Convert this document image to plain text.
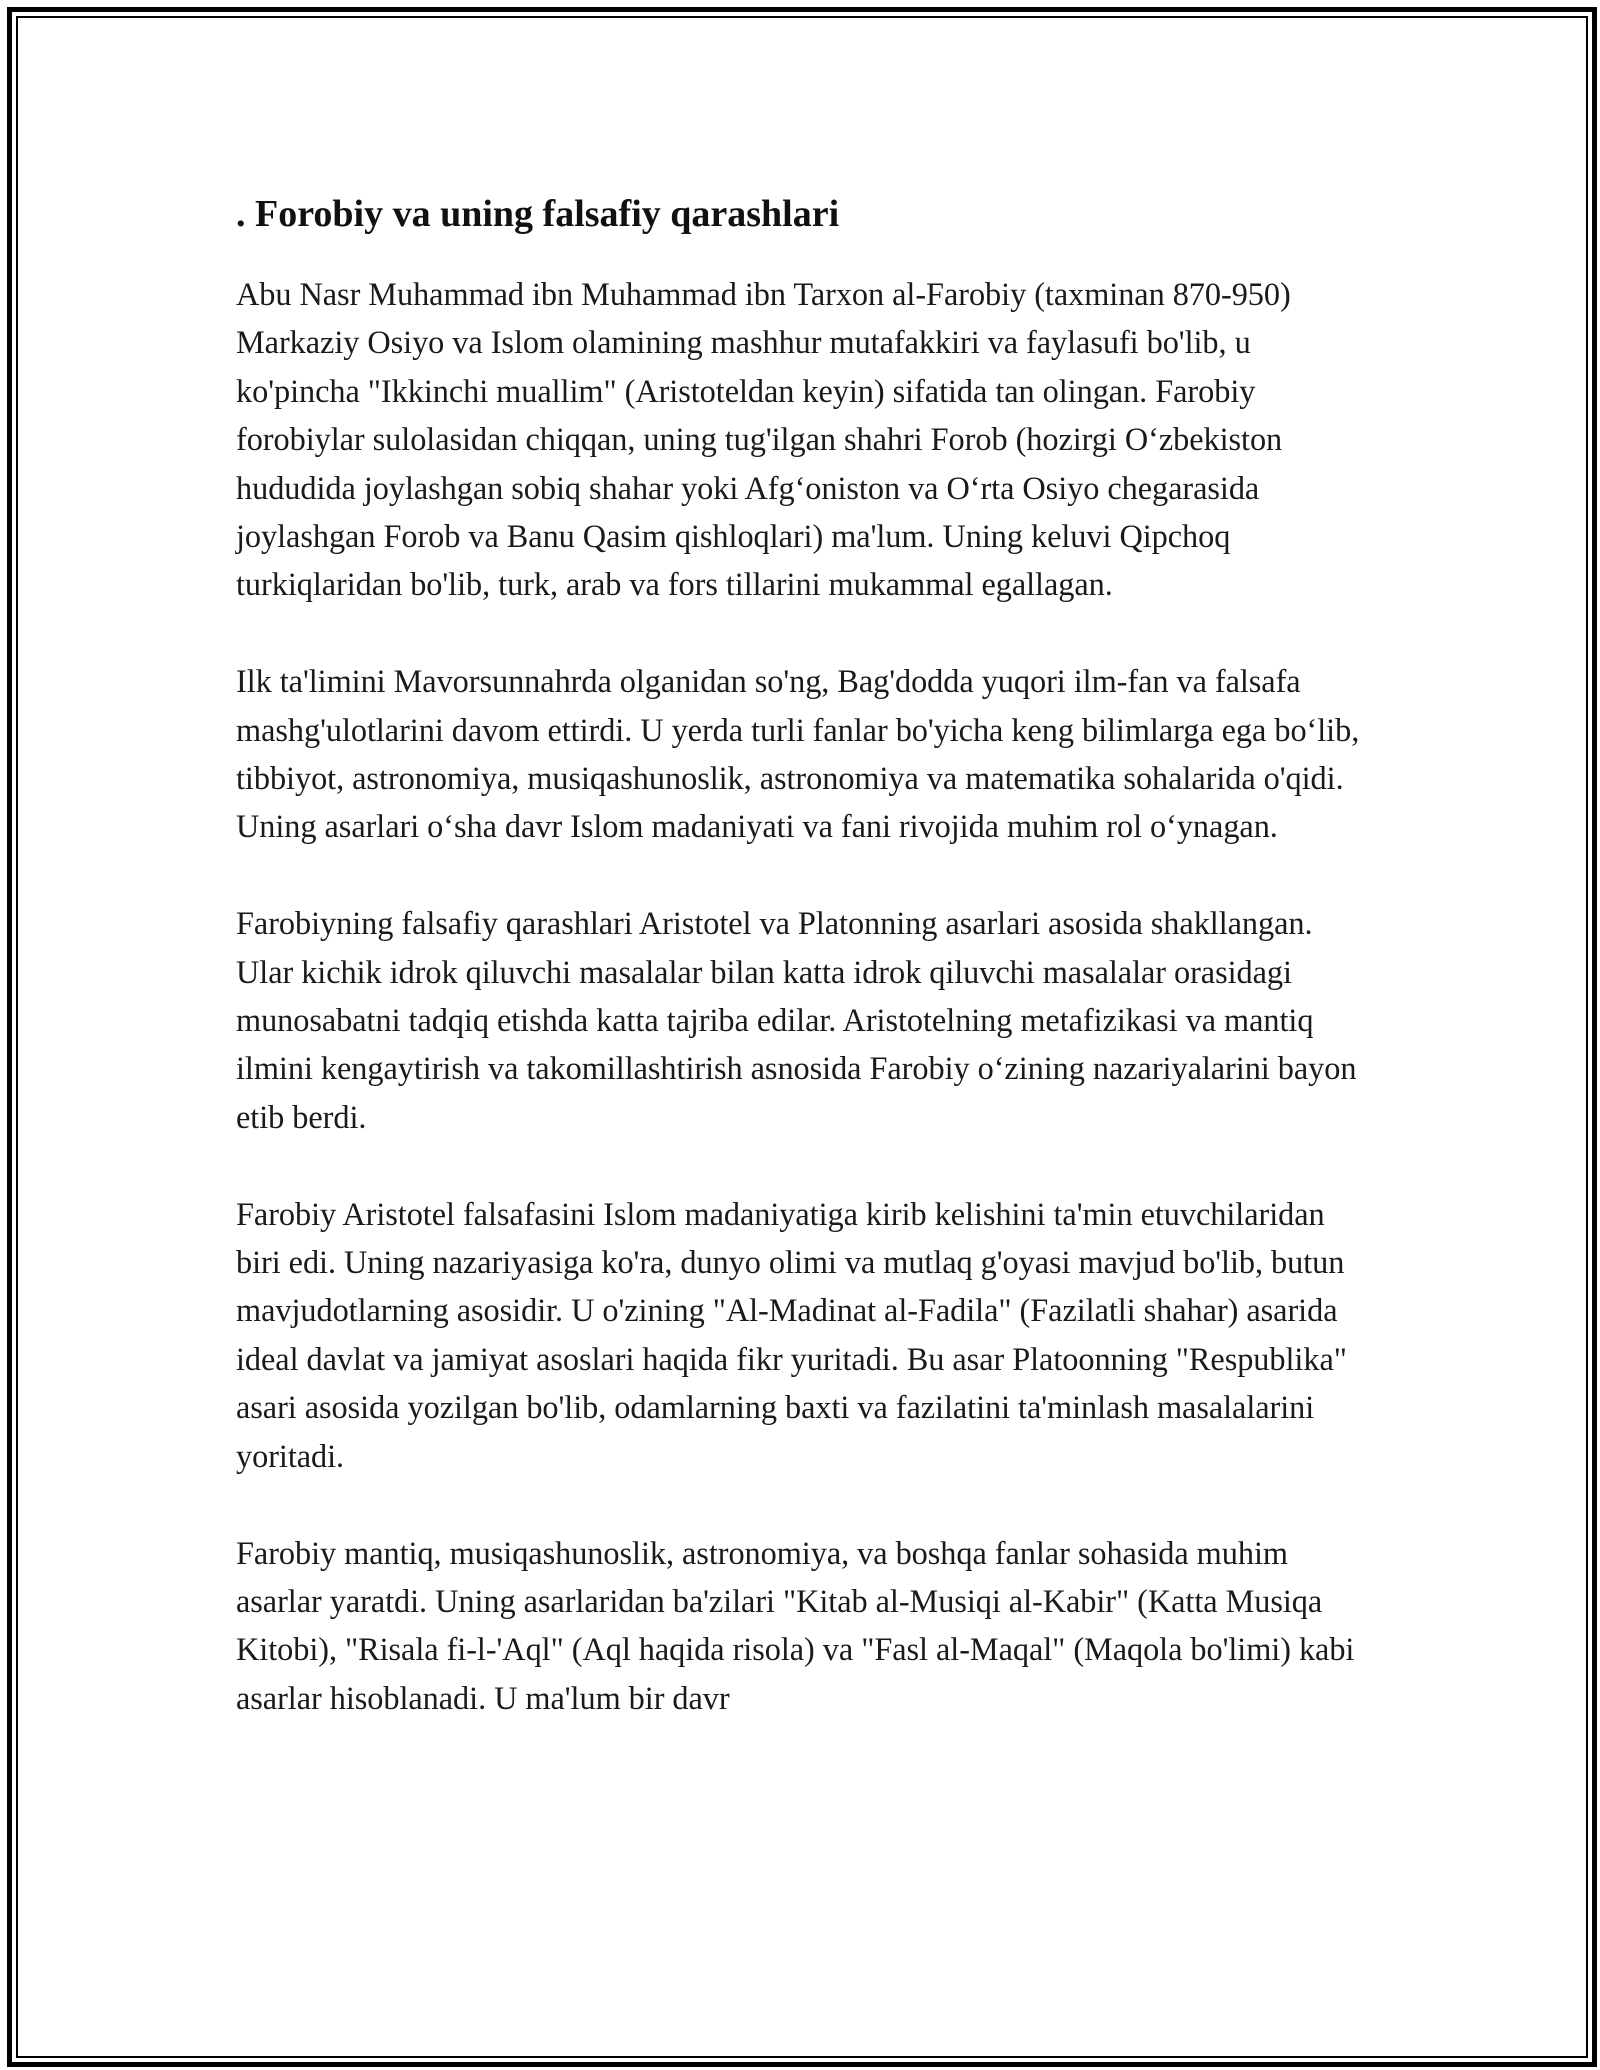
. Forobiy va uning falsafiy qarashlari

Abu Nasr Muhammad ibn Muhammad ibn Tarxon al-Farobiy (taxminan 870-950) Markaziy Osiyo va Islom olamining mashhur mutafakkiri va faylasufi bo'lib, u ko'pincha "Ikkinchi muallim" (Aristoteldan keyin) sifatida tan olingan. Farobiy forobiylar sulolasidan chiqqan, uning tug'ilgan shahri Forob (hozirgi O‘zbekiston hududida joylashgan sobiq shahar yoki Afg‘oniston va O‘rta Osiyo chegarasida joylashgan Forob va Banu Qasim qishloqlari) ma'lum. Uning keluvi Qipchoq turkiqlaridan bo'lib, turk, arab va fors tillarini mukammal egallagan.

Ilk ta'limini Mavorsunnahrda olganidan so'ng, Bag'dodda yuqori ilm-fan va falsafa mashg'ulotlarini davom ettirdi. U yerda turli fanlar bo'yicha keng bilimlarga ega bo‘lib, tibbiyot, astronomiya, musiqashunoslik, astronomiya va matematika sohalarida o'qidi. Uning asarlari o‘sha davr Islom madaniyati va fani rivojida muhim rol o‘ynagan.

Farobiyning falsafiy qarashlari Aristotel va Platonning asarlari asosida shakllangan. Ular kichik idrok qiluvchi masalalar bilan katta idrok qiluvchi masalalar orasidagi munosabatni tadqiq etishda katta tajriba edilar. Aristotelning metafizikasi va mantiq ilmini kengaytirish va takomillashtirish asnosida Farobiy o‘zining nazariyalarini bayon etib berdi.

Farobiy Aristotel falsafasini Islom madaniyatiga kirib kelishini ta'min etuvchilaridan biri edi. Uning nazariyasiga ko'ra, dunyo olimi va mutlaq g'oyasi mavjud bo'lib, butun mavjudotlarning asosidir. U o'zining "Al-Madinat al-Fadila" (Fazilatli shahar) asarida ideal davlat va jamiyat asoslari haqida fikr yuritadi. Bu asar Platoonning "Respublika" asari asosida yozilgan bo'lib, odamlarning baxti va fazilatini ta'minlash masalalarini yoritadi.

Farobiy mantiq, musiqashunoslik, astronomiya, va boshqa fanlar sohasida muhim asarlar yaratdi. Uning asarlaridan ba'zilari "Kitab al-Musiqi al-Kabir" (Katta Musiqa Kitobi), "Risala fi-l-'Aql" (Aql haqida risola) va "Fasl al-Maqal" (Maqola bo'limi) kabi asarlar hisoblanadi. U ma'lum bir davr
